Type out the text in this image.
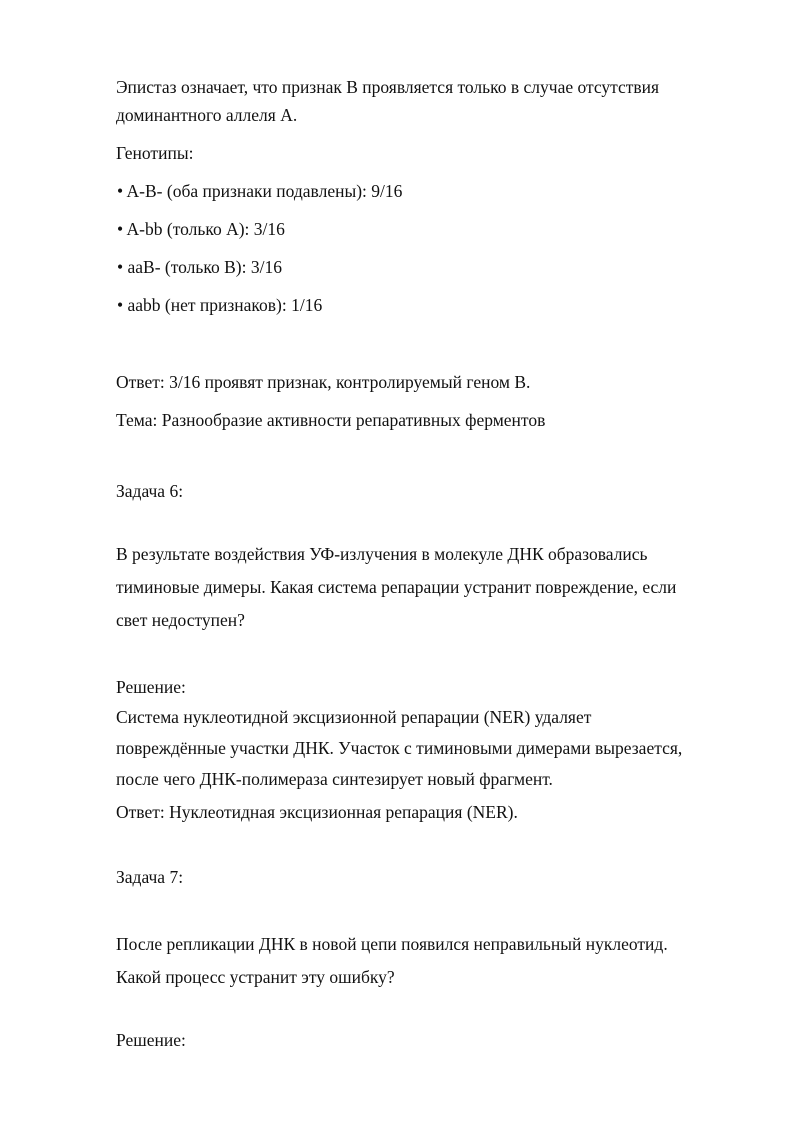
Эпистаз означает, что признак B проявляется только в случае отсутствия
доминантного аллеля A.
Генотипы:
• A-B- (оба признаки подавлены): 9/16
• A-bb (только A): 3/16
• aaB- (только B): 3/16
• aabb (нет признаков): 1/16
Ответ: 3/16 проявят признак, контролируемый геном B.
Тема: Разнообразие активности репаративных ферментов
Задача 6:
В результате воздействия УФ-излучения в молекуле ДНК образовались
тиминовые димеры. Какая система репарации устранит повреждение, если
свет недоступен?
Решение:
Система нуклеотидной эксцизионной репарации (NER) удаляет
повреждённые участки ДНК. Участок с тиминовыми димерами вырезается,
после чего ДНК-полимераза синтезирует новый фрагмент.
Ответ: Нуклеотидная эксцизионная репарация (NER).
Задача 7:
После репликации ДНК в новой цепи появился неправильный нуклеотид.
Какой процесс устранит эту ошибку?
Решение:
